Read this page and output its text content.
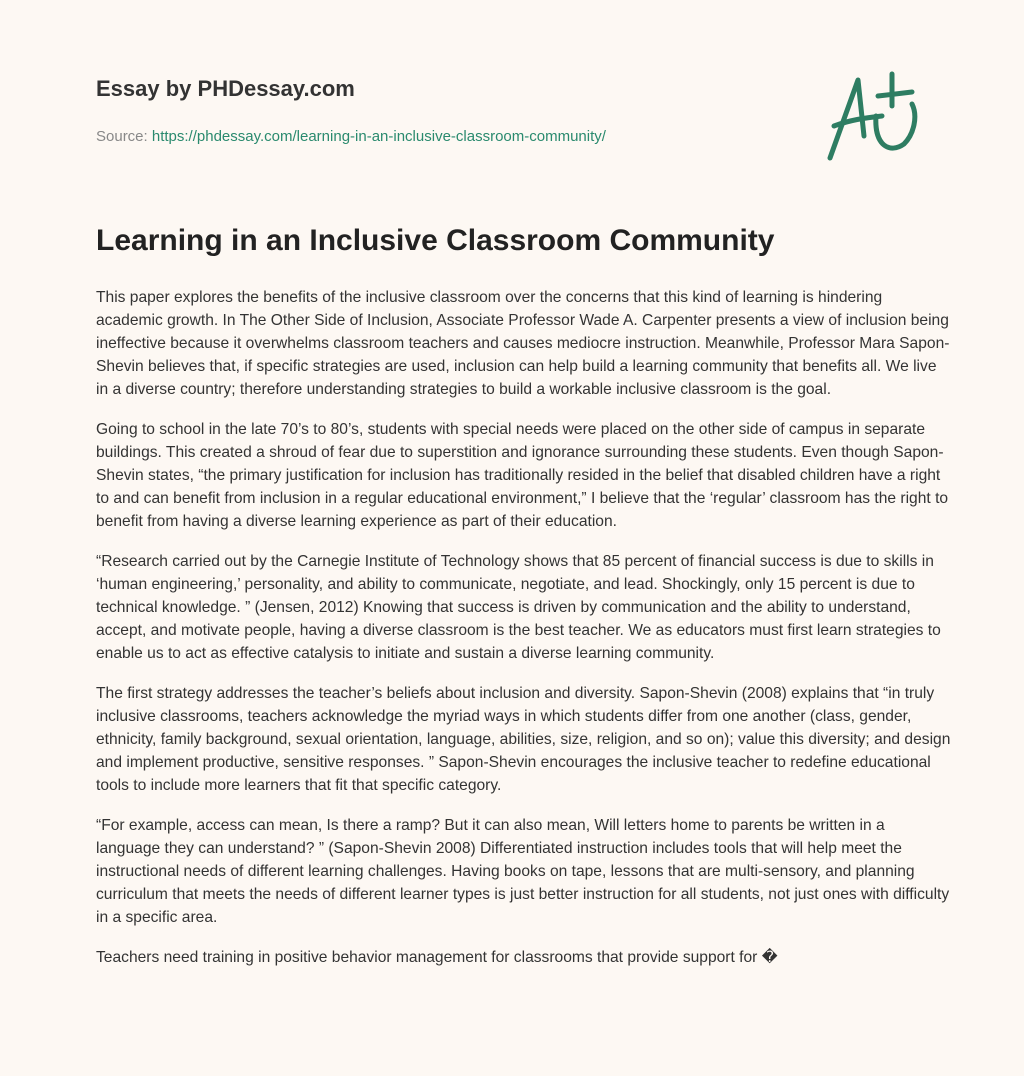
Essay by PHDessay.com

Source: https://phdessay.com/learning-in-an-inclusive-classroom-community/
Learning in an Inclusive Classroom Community

This paper explores the benefits of the inclusive classroom over the concerns that this kind of learning is hindering academic growth. In The Other Side of Inclusion, Associate Professor Wade A. Carpenter presents a view of inclusion being ineffective because it overwhelms classroom teachers and causes mediocre instruction. Meanwhile, Professor Mara Sapon-Shevin believes that, if specific strategies are used, inclusion can help build a learning community that benefits all. We live in a diverse country; therefore understanding strategies to build a workable inclusive classroom is the goal.

Going to school in the late 70’s to 80’s, students with special needs were placed on the other side of campus in separate buildings. This created a shroud of fear due to superstition and ignorance surrounding these students. Even though Sapon-Shevin states, “the primary justification for inclusion has traditionally resided in the belief that disabled children have a right to and can benefit from inclusion in a regular educational environment,” I believe that the ‘regular’ classroom has the right to benefit from having a diverse learning experience as part of their education.

“Research carried out by the Carnegie Institute of Technology shows that 85 percent of financial success is due to skills in ‘human engineering,’ personality, and ability to communicate, negotiate, and lead. Shockingly, only 15 percent is due to technical knowledge. ” (Jensen, 2012) Knowing that success is driven by communication and the ability to understand, accept, and motivate people, having a diverse classroom is the best teacher. We as educators must first learn strategies to enable us to act as effective catalysis to initiate and sustain a diverse learning community.

The first strategy addresses the teacher’s beliefs about inclusion and diversity. Sapon-Shevin (2008) explains that “in truly inclusive classrooms, teachers acknowledge the myriad ways in which students differ from one another (class, gender, ethnicity, family background, sexual orientation, language, abilities, size, religion, and so on); value this diversity; and design and implement productive, sensitive responses. ” Sapon-Shevin encourages the inclusive teacher to redefine educational tools to include more learners that fit that specific category.

“For example, access can mean, Is there a ramp? But it can also mean, Will letters home to parents be written in a language they can understand? ” (Sapon-Shevin 2008) Differentiated instruction includes tools that will help meet the instructional needs of different learning challenges. Having books on tape, lessons that are multi-sensory, and planning curriculum that meets the needs of different learner types is just better instruction for all students, not just ones with difficulty in a specific area.

Teachers need training in positive behavior management for classrooms that provide support for �
